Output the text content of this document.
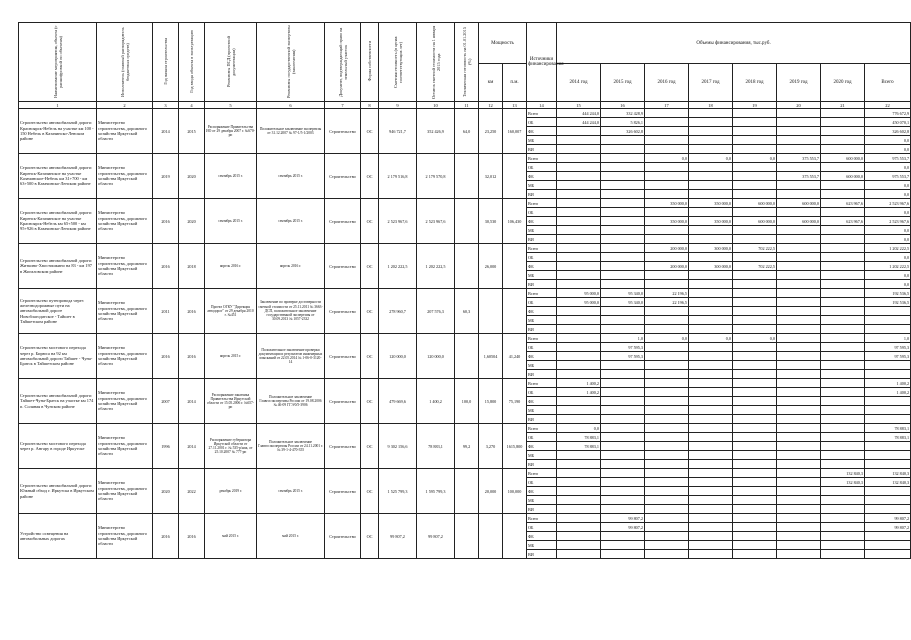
Наименование мероприятия, объекта (с расшифровкой по объектам)	Исполнитель (главный распорядитель бюджетных средств)	Год начала строительства	Год ввода объекта в эксплуатацию	Реквизиты ПСД (проектной документации)	Реквизиты государственной экспертизы (заключения)	Документ, подтверждающий право на земельный участок	Форма собственности	Сметная стоимость (в ценах соответствующих лет)	Остаток сметной стоимости на 1 января 2015 года	Техническая готовность на 01.01.2015 (%)	Мощность		Источники финансирования	Объемы финансирования, тыс.руб.							
											км	п.м.		2014 год	2015 год	2016 год	2017 год	2018 год	2019 год	2020 год	Всего
1	2	3	4	5	6	7	8	9	10	11	12	13	14	15	16	17	18	19	20	21	22
Строительство автомобильной дороги Красноярск-Небель на участке км 100 - 150 Небель в Казачинско-Ленском районе	Министерство строительства, дорожного хозяйства Иркутской области	2014	2015	Распоряжение Правительства ИО от 29 декабря 2007 г. №670-рп	Положительное заключение экспертизы от 31.12.2007 № 97-1/5-1/2003	Строительство	ОС	946 721,7	352 426,9	64,0	23,250	160,007	Всего	444 244,0	332 428,9						776 672,9
													ОБ	444 244,0	5 826,1						450 070,1
													ФБ		326 602,8						326 602,8
													МБ								0,0
													ВИ								0,0
Строительство автомобильной дороги Киренск-Казачинское на участке Казачинское-Небель км 31+700 - км 63+500 в Казачинско-Ленском районе	Министерство строительства, дорожного хозяйства Иркутской области	2019	2020	сентябрь 2015 г.	сентябрь 2015 г.	Строительство	ОС	2 179 516,8	2 179 570,8		32,012		Всего			0,0	0,0	0,0	375 553,7	600 000,0	975 553,7
													ОБ								0,0
													ФБ						375 553,7	600 000,0	975 553,7
													МБ								0,0
													ВИ								0,0
Строительство автомобильной дороги Киренск-Казачинское на участке Красноярск-Небель км 65+500 - км 95+926 в Казачинско-Ленском районе	Министерство строительства, дорожного хозяйства Иркутской области	2016	2020	сентябрь 2015 г.	сентябрь 2015 г.	Строительство	ОС	2 523 967,6	2 523 967,6		30,530	106,430	Всего			350 000,0	350 000,0	600 000,0	600 000,0	623 967,6	2 523 967,6
													ОБ								0,0
													ФБ			350 000,0	350 000,0	600 000,0	600 000,0	623 967,6	2 523 967,6
													МБ								0,0
													ВИ								0,0
Строительство автомобильной дороги Житкино-Хвостишкино на 83 - км 197 в Жигаловском районе	Министерство строительства, дорожного хозяйства Иркутской области	2016	2018	апрель 2016 г.	апрель 2016 г.	Строительство	ОС	1 202 222,5	1 202 222,5		26,000		Всего			200 000,0	300 000,0	702 222,5			1 202 222,5
													ОБ								0,0
													ФБ			200 000,0	300 000,0	702 222,5			1 202 222,5
													МБ								0,0
													ВИ								0,0
Строительство путепровода через железнодорожные пути на автомобильной дороге Новоблагодатское - Тайшет в Тайшетском районе	Министерство строительства, дорожного хозяйства Иркутской области	2011	2016	Проект ОГКУ "Дирекция автодорог" от 29 декабря 2010 г. №451	Заключение по проверке достоверности сметной стоимости от 25.11.2011 № 3663-ДСП, положительное заключение государственной экспертизы от 30.09.2013 № 1057-2332	Строительство	ОС	278 960,7	207 576,3	60,3			Всего	95 000,0	95 340,0	22 196,5					192 536,5
													ОБ	95 000,0	95 340,0	22 196,5					192 536,5
													ФБ								
													МБ								
													ВИ								
Строительство мостового перехода через р. Бирюса на 92 км автомобильной дороги Тайшет - Чуна-Братск в Тайшетском районе	Министерство строительства, дорожного хозяйства Иркутской области	2016	2016	апрель 2015 г.	Положительное заключение проверки документации и результатов инженерных изысканий от 22.05.2014 № 1-06-0-3120-14	Строительство	ОС	120 000,0	120 000,0		1,60504	41,240	Всего		1,0	0,0	0,0	0,0			1,0
													ОБ		97 595,3						97 595,3
													ФБ		97 595,3						97 595,3
													МБ								
													ВИ								
Строительство автомобильной дороги Тайшет-Чуна-Братск на участке км 174 п. Соляная в Чунском районе	Министерство строительства, дорожного хозяйства Иркутской области	2007	2014	Распоряжение заказчика Правительства Иркутской области от 15.05.2006 г. №657-рп	Положительное заключение Главгосэкспертизы России от 19.08.2006 № 46-09 ГГЭ/0/5-3906	Строительство	ОС	479 669,6	1 400,2	100,0	15,800	75,190	Всего	1 400,2							1 400,2
													ОБ	1 400,2							1 400,2
													ФБ								
													МБ								
													ВИ								
Строительство мостового перехода через р. Ангару в городе Иркутске	Министерство строительства, дорожного хозяйства Иркутской области	1996	2014	Распоряжение губернатора Иркутской области от 27.11.2001 г. № 535-р/нпа, от 25.10.2007 № 777-рп	Положительное заключение Главгосэкспертизы России от 24.11.2001 г. № 39-1-4-470-355	Строительство	ОС	9 302 156,6	78 883,1	99,2	3,270	1615,800	Всего	0,0							78 883,1
													ОБ	78 883,1							78 883,1
													ФБ	78 883,1							
													МБ								
													ВИ								
Строительство автомобильной дороги Южный обход г. Иркутска в Иркутском районе	Министерство строительства, дорожного хозяйства Иркутской области	2020	2022	декабрь 2019 г.	сентябрь 2015 г.	Строительство	ОС	1 525 799,3	1 595 799,3		20,000	100,000	Всего							132 840,3	132 840,3
													ОБ							132 840,3	132 840,3
													ФБ								
													МБ								
													ВИ								
Устройство освещения на автомобильных дорогах	Министерство строительства, дорожного хозяйства Иркутской области	2016	2016	май 2015 г.	май 2015 г.	Строительство	ОС	99 807,2	99 807,2				Всего		99 807,2						99 807,2
													ОБ		99 807,2						99 807,2
													ФБ								
													МБ								
													ВИ								
